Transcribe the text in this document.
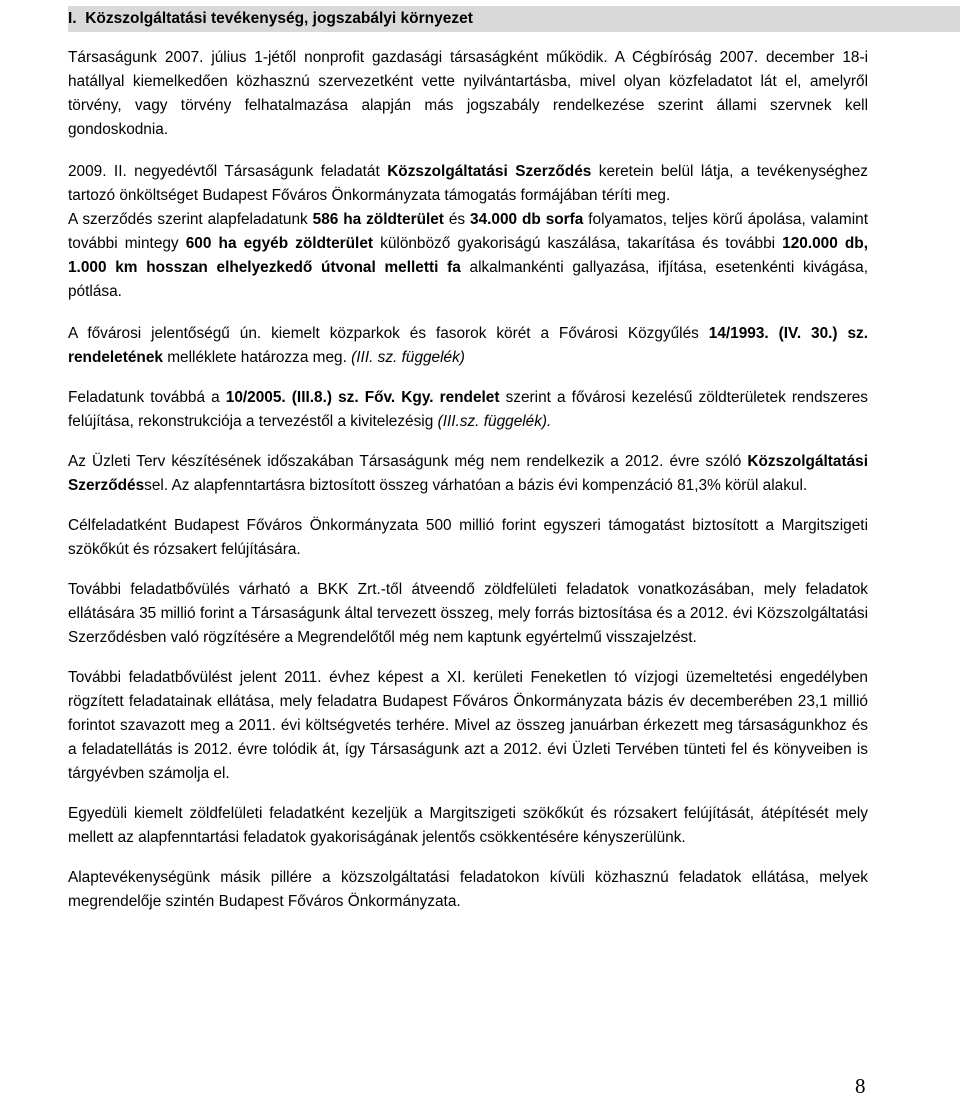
I.  Közszolgáltatási tevékenység, jogszabályi környezet

Társaságunk 2007. július 1-jétől nonprofit gazdasági társaságként működik. A Cégbíróság 2007. december 18-i hatállyal kiemelkedően közhasznú szervezetként vette nyilvántartásba, mivel olyan közfeladatot lát el, amelyről törvény, vagy törvény felhatalmazása alapján más jogszabály rendelkezése szerint állami szervnek kell gondoskodnia.

2009. II. negyedévtől Társaságunk feladatát Közszolgáltatási Szerződés keretein belül látja, a tevékenységhez tartozó önköltséget Budapest Főváros Önkormányzata támogatás formájában téríti meg.

A szerződés szerint alapfeladatunk 586 ha zöldterület és 34.000 db sorfa folyamatos, teljes körű ápolása, valamint további mintegy 600 ha egyéb zöldterület különböző gyakoriságú kaszálása, takarítása és további 120.000 db, 1.000 km hosszan elhelyezkedő útvonal melletti fa alkalmankénti gallyazása, ifjítása, esetenkénti kivágása, pótlása.

A fővárosi jelentőségű ún. kiemelt közparkok és fasorok körét a Fővárosi Közgyűlés 14/1993. (IV. 30.) sz. rendeletének melléklete határozza meg. (III. sz. függelék)

Feladatunk továbbá a 10/2005. (III.8.) sz. Főv. Kgy. rendelet szerint a fővárosi kezelésű zöldterületek rendszeres felújítása, rekonstrukciója a tervezéstől a kivitelezésig (III.sz. függelék).

Az Üzleti Terv készítésének időszakában Társaságunk még nem rendelkezik a 2012. évre szóló Közszolgáltatási Szerződéssel. Az alapfenntartásra biztosított összeg várhatóan a bázis évi kompenzáció 81,3% körül alakul.

Célfeladatként Budapest Főváros Önkormányzata 500 millió forint egyszeri támogatást biztosított a Margitszigeti szökőkút és rózsakert felújítására.

További feladatbővülés várható a BKK Zrt.-től átveendő zöldfelületi feladatok vonatkozásában, mely feladatok ellátására 35 millió forint a Társaságunk által tervezett összeg, mely forrás biztosítása és a 2012. évi Közszolgáltatási Szerződésben való rögzítésére a Megrendelőtől még nem kaptunk egyértelmű visszajelzést.

További feladatbővülést jelent 2011. évhez képest a XI. kerületi Feneketlen tó vízjogi üzemeltetési engedélyben rögzített feladatainak ellátása, mely feladatra Budapest Főváros Önkormányzata bázis év decemberében 23,1 millió forintot szavazott meg a 2011. évi költségvetés terhére. Mivel az összeg januárban érkezett meg társaságunkhoz és a feladatellátás is 2012. évre tolódik át, így Társaságunk azt a 2012. évi Üzleti Tervében tünteti fel és könyveiben is tárgyévben számolja el.

Egyedüli kiemelt zöldfelületi feladatként kezeljük a Margitszigeti szökőkút és rózsakert felújítását, átépítését mely mellett az alapfenntartási feladatok gyakoriságának jelentős csökkentésére kényszerülünk.

Alaptevékenységünk másik pillére a közszolgáltatási feladatokon kívüli közhasznú feladatok ellátása, melyek megrendelője szintén Budapest Főváros Önkormányzata.

8
